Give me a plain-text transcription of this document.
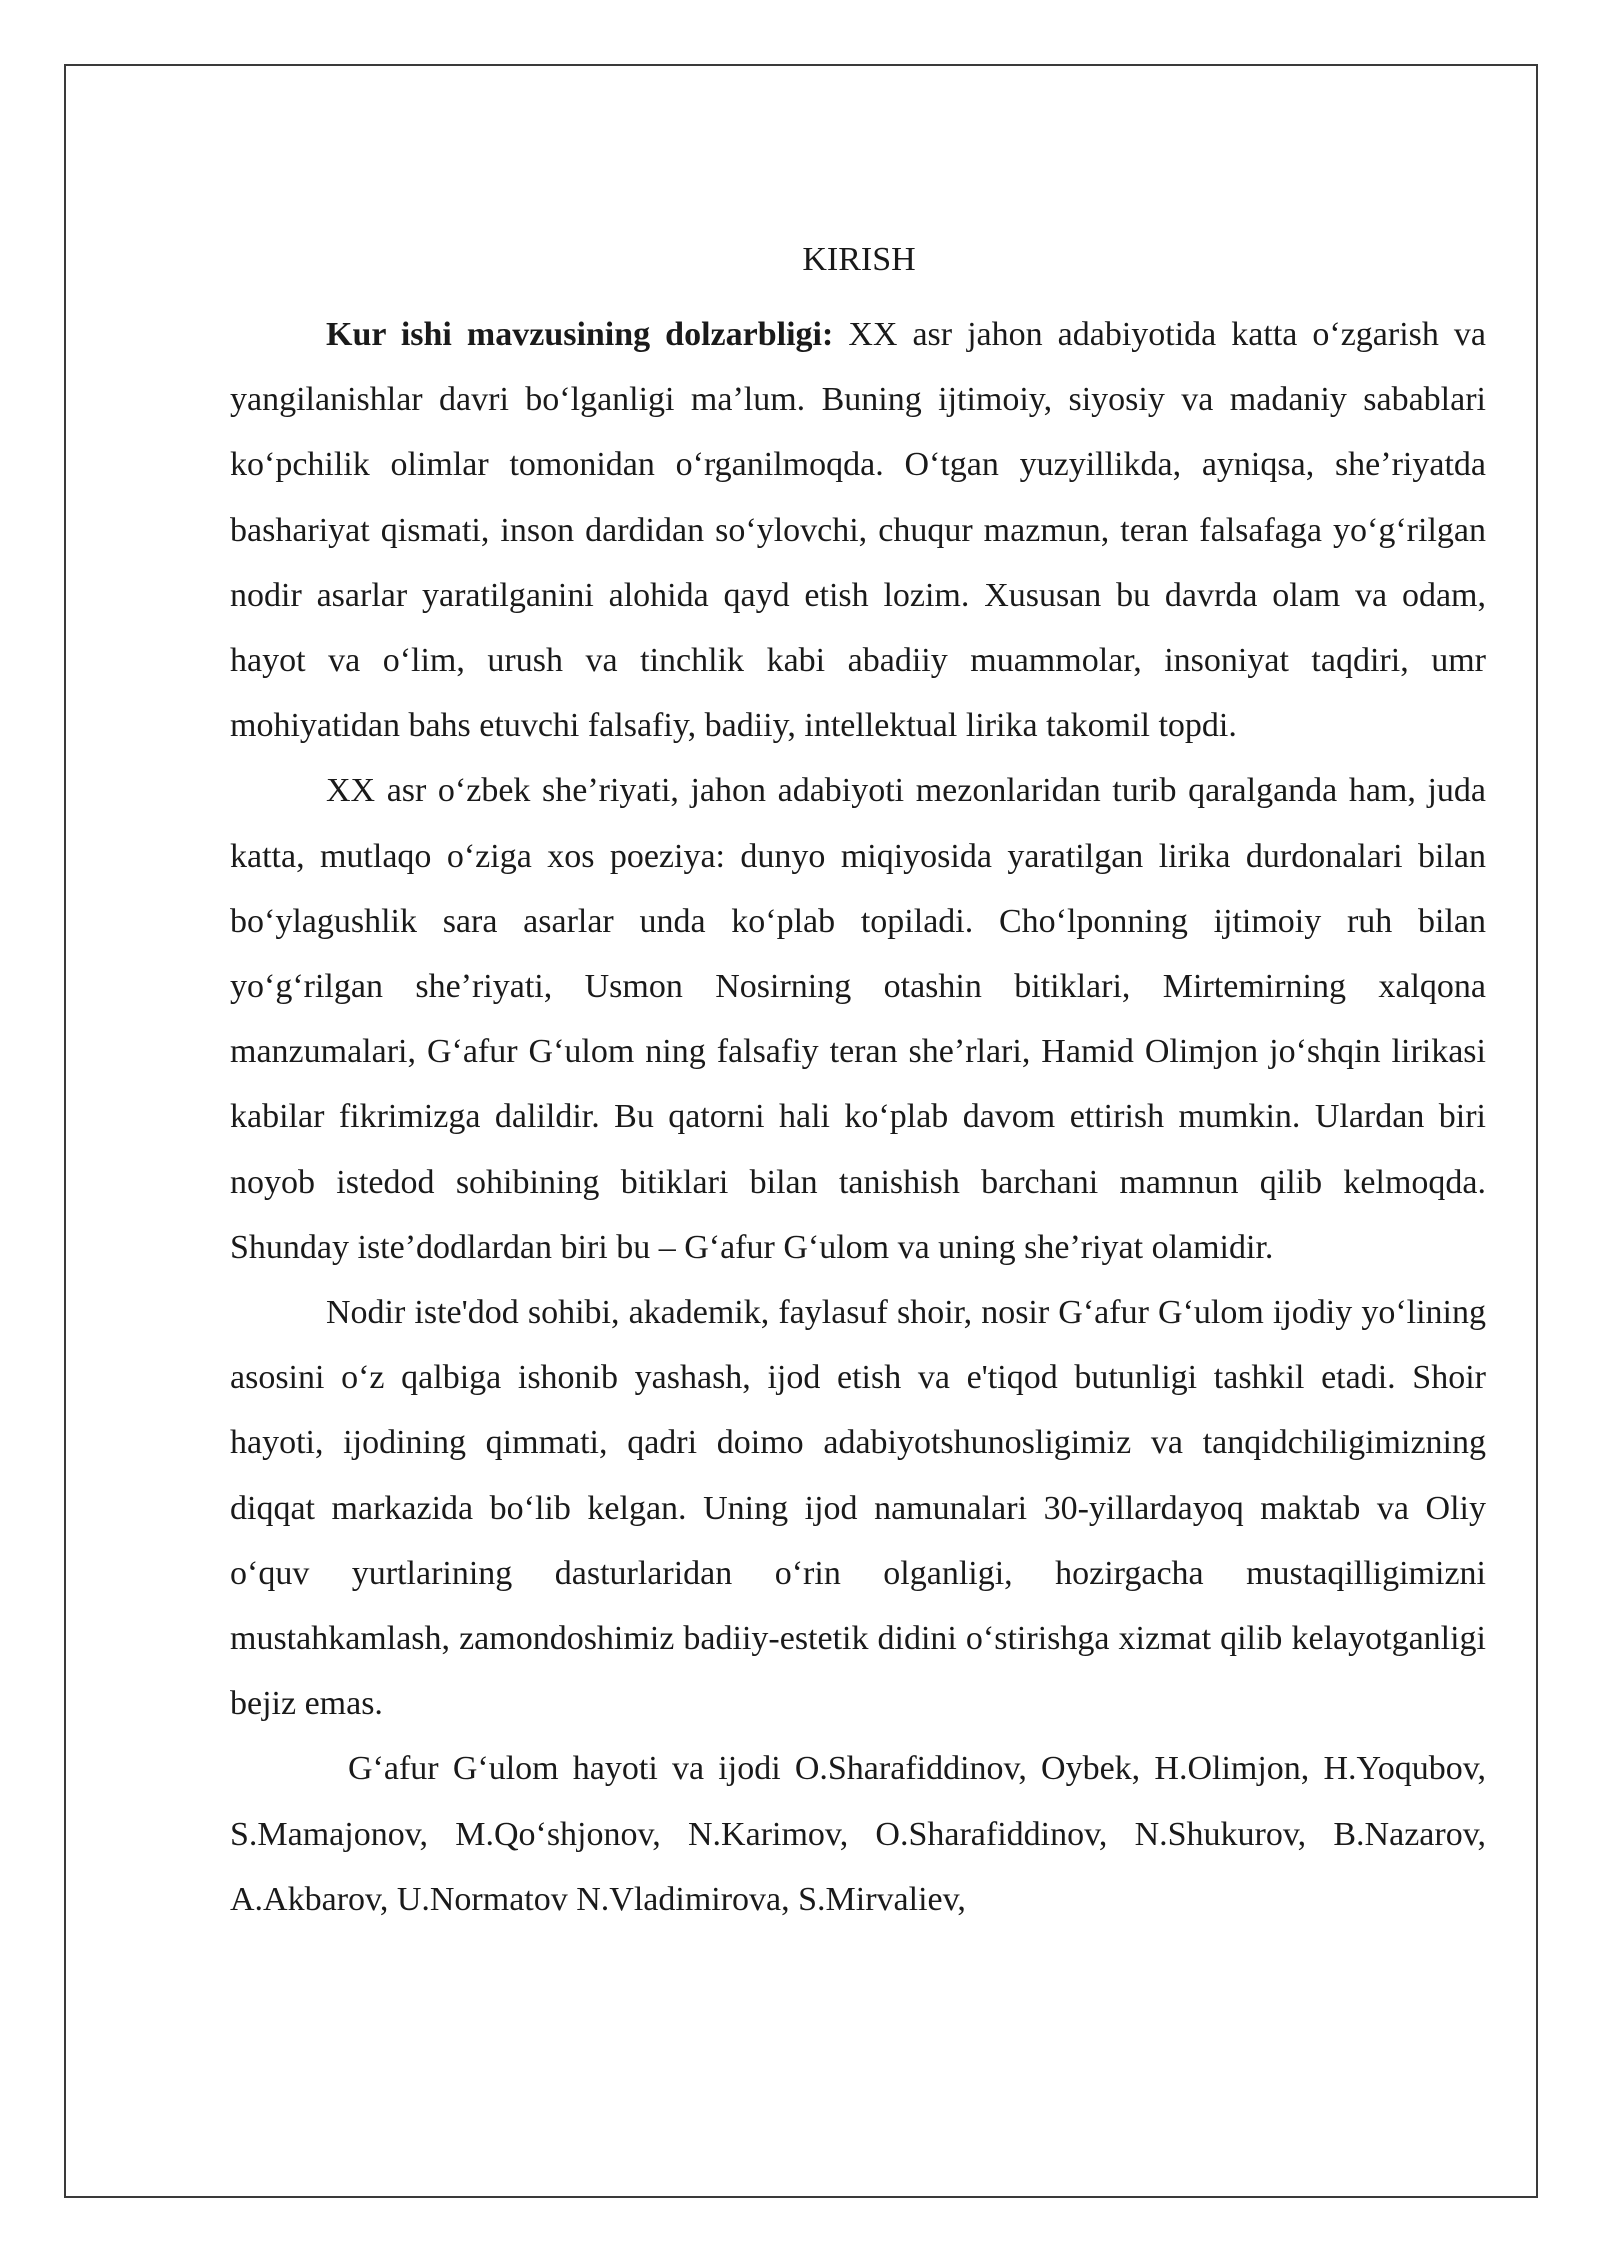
KIRISH

Kur ishi mavzusining dolzarbligi: XX asr jahon adabiyotida katta oʻzgarish va yangilanishlar davri boʻlganligi maʼlum. Buning ijtimoiy, siyosiy va madaniy sabablari koʻpchilik olimlar tomonidan oʻrganilmoqda. Oʻtgan yuzyillikda, ayniqsa, sheʼriyatda bashariyat qismati, inson dardidan soʻylovchi, chuqur mazmun, teran falsafaga yoʻgʻrilgan nodir asarlar yaratilganini alohida qayd etish lozim. Xususan bu davrda olam va odam, hayot va oʻlim, urush va tinchlik kabi abadiiy muammolar, insoniyat taqdiri, umr mohiyatidan bahs etuvchi falsafiy, badiiy, intellektual lirika takomil topdi.

XX asr oʻzbek sheʼriyati, jahon adabiyoti mezonlaridan turib qaralganda ham, juda katta, mutlaqo oʻziga xos poeziya: dunyo miqiyosida yaratilgan lirika durdonalari bilan boʻylagushlik sara asarlar unda koʻplab topiladi. Choʻlponning ijtimoiy ruh bilan yoʻgʻrilgan sheʼriyati, Usmon Nosirning otashin bitiklari, Mirtemirning xalqona manzumalari, Gʻafur Gʻulom ning falsafiy teran sheʼrlari, Hamid Olimjon joʻshqin lirikasi kabilar fikrimizga dalildir. Bu qatorni hali koʻplab davom ettirish mumkin. Ulardan biri noyob istedod sohibining bitiklari bilan tanishish barchani mamnun qilib kelmoqda. Shunday isteʼdodlardan biri bu – Gʻafur Gʻulom va uning sheʼriyat olamidir.

Nodir iste'dod sohibi, akademik, faylasuf shoir, nosir Gʻafur Gʻulom ijodiy yoʻlining asosini oʻz qalbiga ishonib yashash, ijod etish va e'tiqod butunligi tashkil etadi. Shoir hayoti, ijodining qimmati, qadri doimo adabiyotshunosligimiz va tanqidchiligimizning diqqat markazida boʻlib kelgan. Uning ijod namunalari 30-yillardayoq maktab va Oliy oʻquv yurtlarining dasturlaridan oʻrin olganligi, hozirgacha mustaqilligimizni mustahkamlash, zamondoshimiz badiiy-estetik didini oʻstirishga xizmat qilib kelayotganligi bejiz emas.

Gʻafur Gʻulom hayoti va ijodi O.Sharafiddinov, Oybek, H.Olimjon, H.Yoqubov, S.Mamajonov, M.Qoʻshjonov, N.Karimov, O.Sharafiddinov, N.Shukurov, B.Nazarov, A.Akbarov, U.Normatov N.Vladimirova, S.Mirvaliev,
